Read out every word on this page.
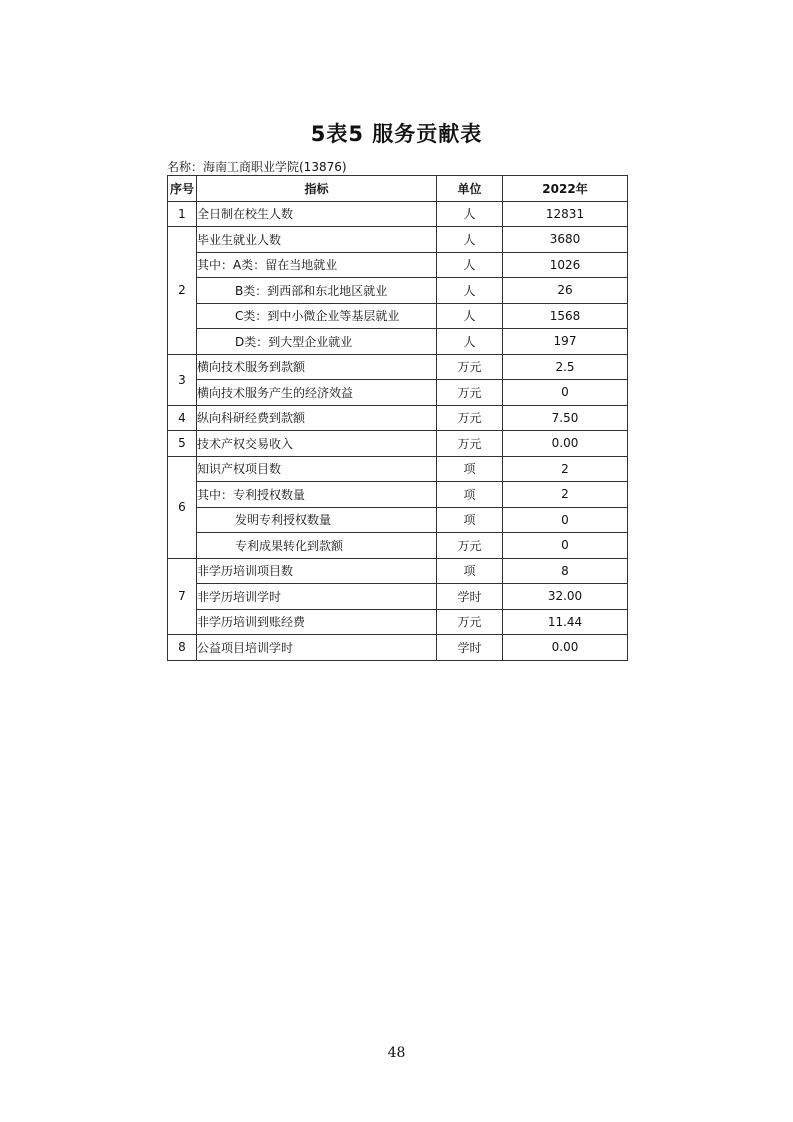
5表5 服务贡献表
名称：海南工商职业学院(13876)
序号	指标	单位	2022年
1	全日制在校生人数	人	12831
2	毕业生就业人数	人	3680
	其中：A类：留在当地就业	人	1026
	B类：到西部和东北地区就业	人	26
	C类：到中小微企业等基层就业	人	1568
	D类：到大型企业就业	人	197
3	横向技术服务到款额	万元	2.5
	横向技术服务产生的经济效益	万元	0
4	纵向科研经费到款额	万元	7.50
5	技术产权交易收入	万元	0.00
6	知识产权项目数	项	2
	其中：专利授权数量	项	2
	发明专利授权数量	项	0
	专利成果转化到款额	万元	0
7	非学历培训项目数	项	8
	非学历培训学时	学时	32.00
	非学历培训到账经费	万元	11.44
8	公益项目培训学时	学时	0.00
48
